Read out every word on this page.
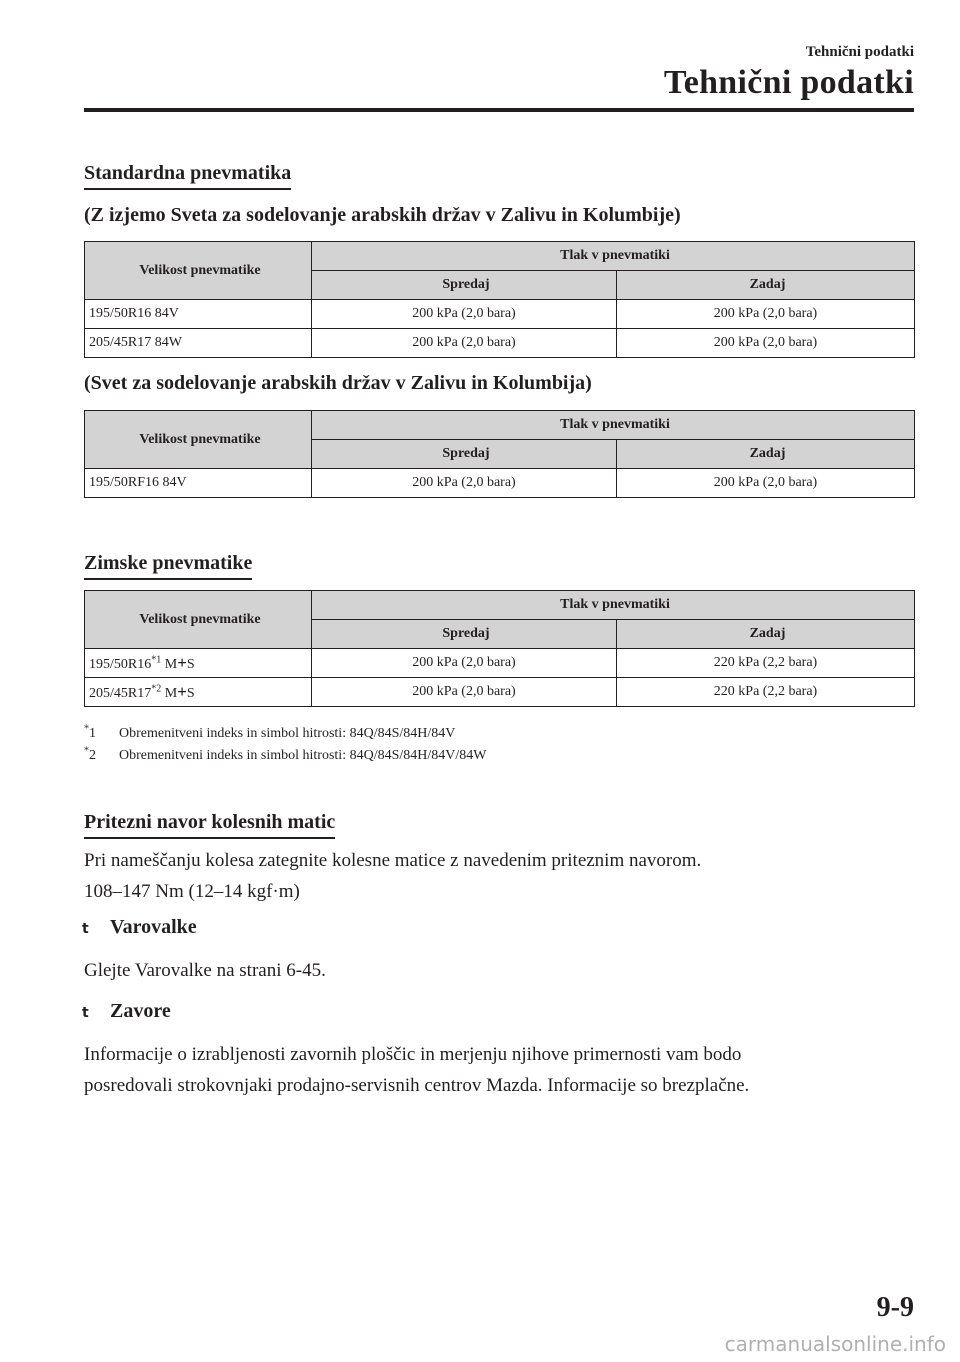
Tehnični podatki
Tehnični podatki
Standardna pnevmatika
(Z izjemo Sveta za sodelovanje arabskih držav v Zalivu in Kolumbije)
Velikost pnevmatike	Tlak v pnevmatiki	
	Spredaj	Zadaj
195/50R16 84V	200 kPa (2,0 bara)	200 kPa (2,0 bara)
205/45R17 84W	200 kPa (2,0 bara)	200 kPa (2,0 bara)
(Svet za sodelovanje arabskih držav v Zalivu in Kolumbija)
Velikost pnevmatike	Tlak v pnevmatiki	
	Spredaj	Zadaj
195/50RF16 84V	200 kPa (2,0 bara)	200 kPa (2,0 bara)
Zimske pnevmatike
Velikost pnevmatike	Tlak v pnevmatiki	
	Spredaj	Zadaj
195/50R16$^{*1}$ M+S	200 kPa (2,0 bara)	220 kPa (2,2 bara)
205/45R17$^{*2}$ M+S	200 kPa (2,0 bara)	220 kPa (2,2 bara)
*1 Obremenitveni indeks in simbol hitrosti: 84Q/84S/84H/84V
*2 Obremenitveni indeks in simbol hitrosti: 84Q/84S/84H/84V/84W
Pritezni navor kolesnih matic
Pri nameščanju kolesa zategnite kolesne matice z navedenim priteznim navorom.
108–147 Nm (12–14 kgf·m)
t Varovalke
Glejte Varovalke na strani 6-45.
t Zavore
Informacije o izrabljenosti zavornih ploščic in merjenju njihove primernosti vam bodo
posredovali strokovnjaki prodajno-servisnih centrov Mazda. Informacije so brezplačne.
9-9
carmanualsonline.info
